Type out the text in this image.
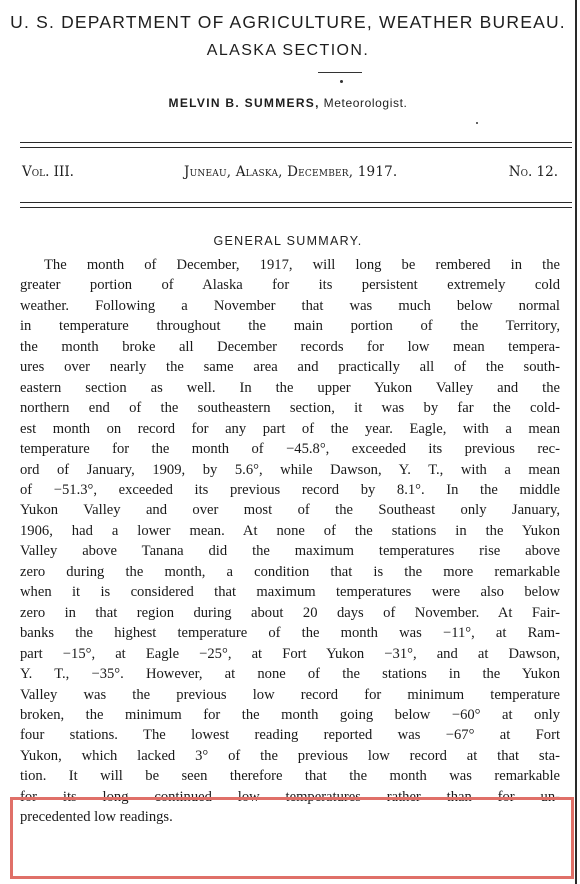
U. S. DEPARTMENT OF AGRICULTURE, WEATHER BUREAU.
ALASKA SECTION.
MELVIN B. SUMMERS, Meteorologist.
Vol. III.	Juneau, Alaska, December, 1917.	No. 12.
GENERAL SUMMARY.
The month of December, 1917, will long be rembered in the
greater portion of Alaska for its persistent extremely cold
weather. Following a November that was much below normal
in temperature throughout the main portion of the Territory,
the month broke all December records for low mean tempera-
ures over nearly the same area and practically all of the south-
eastern section as well. In the upper Yukon Valley and the
northern end of the southeastern section, it was by far the cold-
est month on record for any part of the year. Eagle, with a mean
temperature for the month of −45.8°, exceeded its previous rec-
ord of January, 1909, by 5.6°, while Dawson, Y. T., with a mean
of −51.3°, exceeded its previous record by 8.1°. In the middle
Yukon Valley and over most of the Southeast only January,
1906, had a lower mean. At none of the stations in the Yukon
Valley above Tanana did the maximum temperatures rise above
zero during the month, a condition that is the more remarkable
when it is considered that maximum temperatures were also below
zero in that region during about 20 days of November. At Fair-
banks the highest temperature of the month was −11°, at Ram-
part −15°, at Eagle −25°, at Fort Yukon −31°, and at Dawson,
Y. T., −35°. However, at none of the stations in the Yukon
Valley was the previous low record for minimum temperature
broken, the minimum for the month going below −60° at only
four stations. The lowest reading reported was −67° at Fort
Yukon, which lacked 3° of the previous low record at that sta-
tion. It will be seen therefore that the month was remarkable
for its long continued low temperatures rather than for un-
precedented low readings.
